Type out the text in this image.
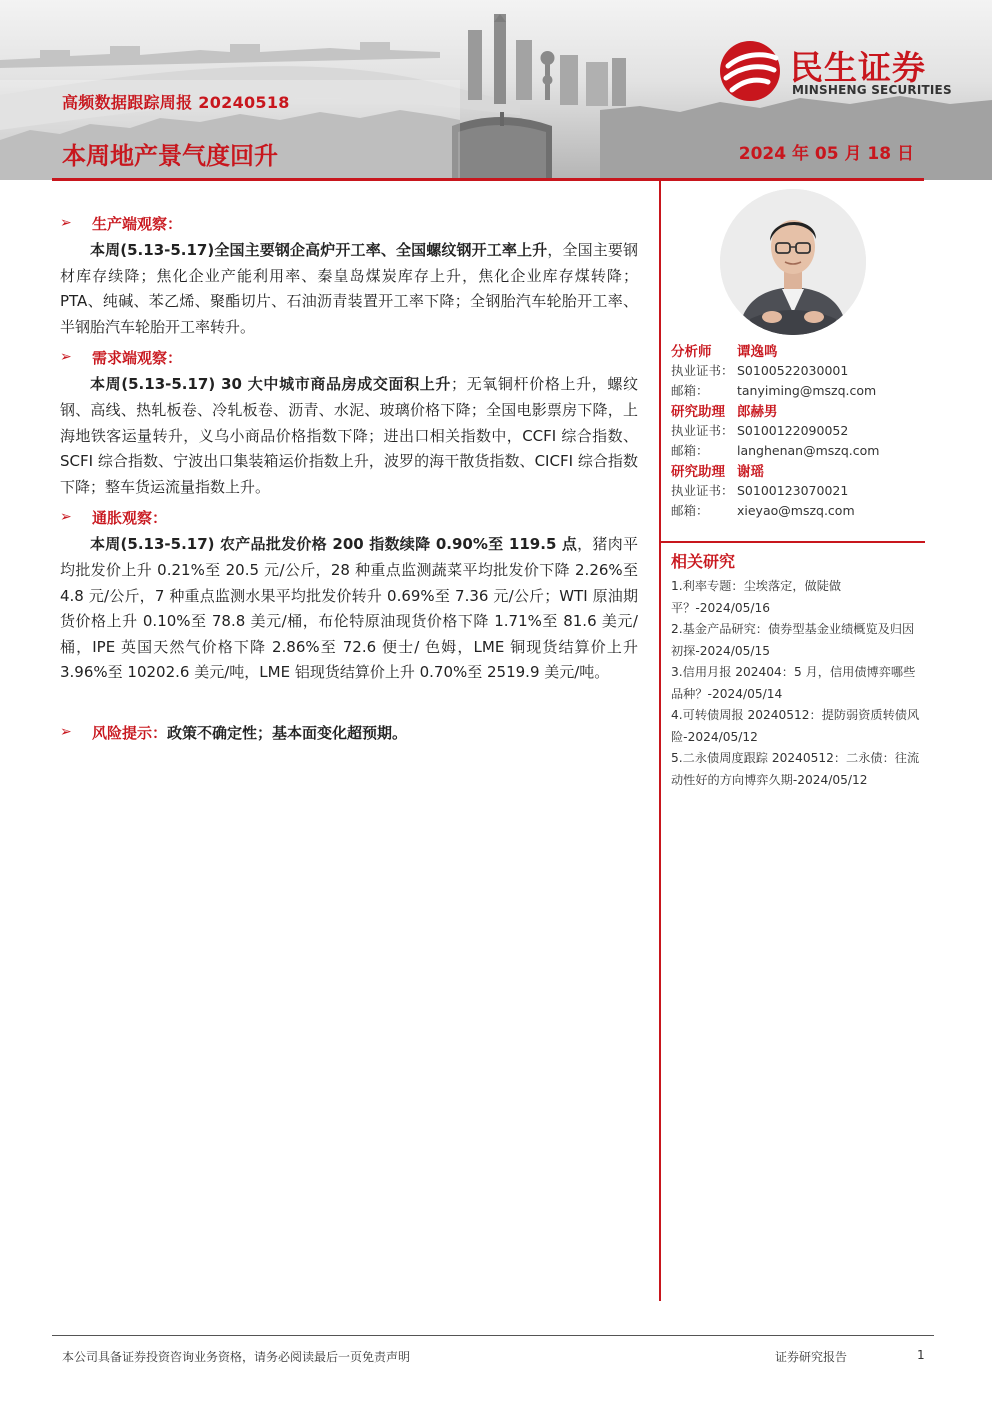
高频数据跟踪周报 20240518
本周地产景气度回升	2024 年 05 月 18 日
民生证券
MINSHENG SECURITIES
➢	生产端观察：

本周(5.13-5.17)全国主要钢企高炉开工率、全国螺纹钢开工率上升，全国主要钢材库存续降；焦化企业产能利用率、秦皇岛煤炭库存上升，焦化企业库存煤转降；PTA、纯碱、苯乙烯、聚酯切片、石油沥青装置开工率下降；全钢胎汽车轮胎开工率、半钢胎汽车轮胎开工率转升。

➢	需求端观察：

本周(5.13-5.17) 30 大中城市商品房成交面积上升；无氧铜杆价格上升，螺纹钢、高线、热轧板卷、冷轧板卷、沥青、水泥、玻璃价格下降；全国电影票房下降，上海地铁客运量转升，义乌小商品价格指数下降；进出口相关指数中，CCFI 综合指数、SCFI 综合指数、宁波出口集装箱运价指数上升，波罗的海干散货指数、CICFI 综合指数下降；整车货运流量指数上升。

➢	通胀观察：

本周(5.13-5.17) 农产品批发价格 200 指数续降 0.90%至 119.5 点，猪肉平均批发价上升 0.21%至 20.5 元/公斤，28 种重点监测蔬菜平均批发价下降 2.26%至 4.8 元/公斤，7 种重点监测水果平均批发价转升 0.69%至 7.36 元/公斤；WTI 原油期货价格上升 0.10%至 78.8 美元/桶，布伦特原油现货价格下降 1.71%至 81.6 美元/桶，IPE 英国天然气价格下降 2.86%至 72.6 便士/ 色姆，LME 铜现货结算价上升 3.96%至 10202.6 美元/吨，LME 铝现货结算价上升 0.70%至 2519.9 美元/吨。

➢	风险提示： 政策不确定性；基本面变化超预期。
分析师	谭逸鸣
执业证书： S0100522030001
邮箱：	tanyiming@mszq.com
研究助理 郎赫男
执业证书： S0100122090052
邮箱：	langhenan@mszq.com
研究助理 谢瑶
执业证书： S0100123070021
邮箱：	xieyao@mszq.com
相关研究
1.利率专题：尘埃落定，做陡做平？-2024/05/16
2.基金产品研究：债券型基金业绩概览及归因初探-2024/05/15
3.信用月报 202404：5 月，信用债博弈哪些品种？-2024/05/14
4.可转债周报 20240512：提防弱资质转债风险-2024/05/12
5.二永债周度跟踪 20240512：二永债：往流动性好的方向博弈久期-2024/05/12
本公司具备证券投资咨询业务资格，请务必阅读最后一页免责声明	证券研究报告	1
